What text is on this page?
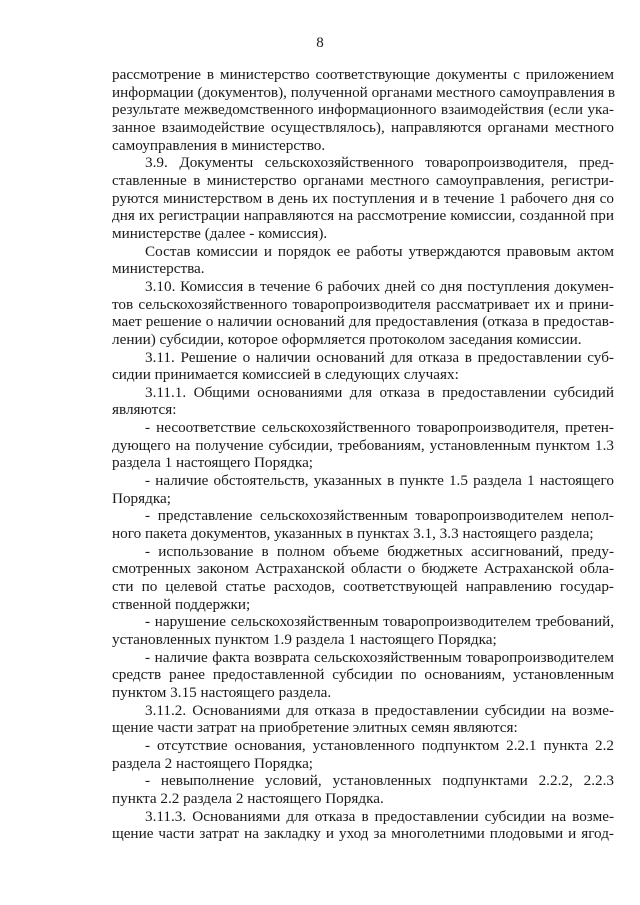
8
рассмотрение в министерство соответствующие документы с приложением
информации (документов), полученной органами местного самоуправления в
результате межведомственного информационного взаимодействия (если ука-
занное взаимодействие осуществлялось), направляются органами местного
самоуправления в министерство.
3.9. Документы сельскохозяйственного товаропроизводителя, пред-
ставленные в министерство органами местного самоуправления, регистри-
руются министерством в день их поступления и в течение 1 рабочего дня со
дня их регистрации направляются на рассмотрение комиссии, созданной при
министерстве (далее - комиссия).
Состав комиссии и порядок ее работы утверждаются правовым актом
министерства.
3.10. Комиссия в течение 6 рабочих дней со дня поступления докумен-
тов сельскохозяйственного товаропроизводителя рассматривает их и прини-
мает решение о наличии оснований для предоставления (отказа в предостав-
лении) субсидии, которое оформляется протоколом заседания комиссии.
3.11. Решение о наличии оснований для отказа в предоставлении суб-
сидии принимается комиссией в следующих случаях:
3.11.1. Общими основаниями для отказа в предоставлении субсидий
являются:
- несоответствие сельскохозяйственного товаропроизводителя, претен-
дующего на получение субсидии, требованиям, установленным пунктом 1.3
раздела 1 настоящего Порядка;
- наличие обстоятельств, указанных в пункте 1.5 раздела 1 настоящего
Порядка;
- представление сельскохозяйственным товаропроизводителем непол-
ного пакета документов, указанных в пунктах 3.1, 3.3 настоящего раздела;
- использование в полном объеме бюджетных ассигнований, преду-
смотренных законом Астраханской области о бюджете Астраханской обла-
сти по целевой статье расходов, соответствующей направлению государ-
ственной поддержки;
- нарушение сельскохозяйственным товаропроизводителем требований,
установленных пунктом 1.9 раздела 1 настоящего Порядка;
- наличие факта возврата сельскохозяйственным товаропроизводителем
средств ранее предоставленной субсидии по основаниям, установленным
пунктом 3.15 настоящего раздела.
3.11.2. Основаниями для отказа в предоставлении субсидии на возме-
щение части затрат на приобретение элитных семян являются:
- отсутствие основания, установленного подпунктом 2.2.1 пункта 2.2
раздела 2 настоящего Порядка;
- невыполнение условий, установленных подпунктами 2.2.2, 2.2.3
пункта 2.2 раздела 2 настоящего Порядка.
3.11.3. Основаниями для отказа в предоставлении субсидии на возме-
щение части затрат на закладку и уход за многолетними плодовыми и ягод-
